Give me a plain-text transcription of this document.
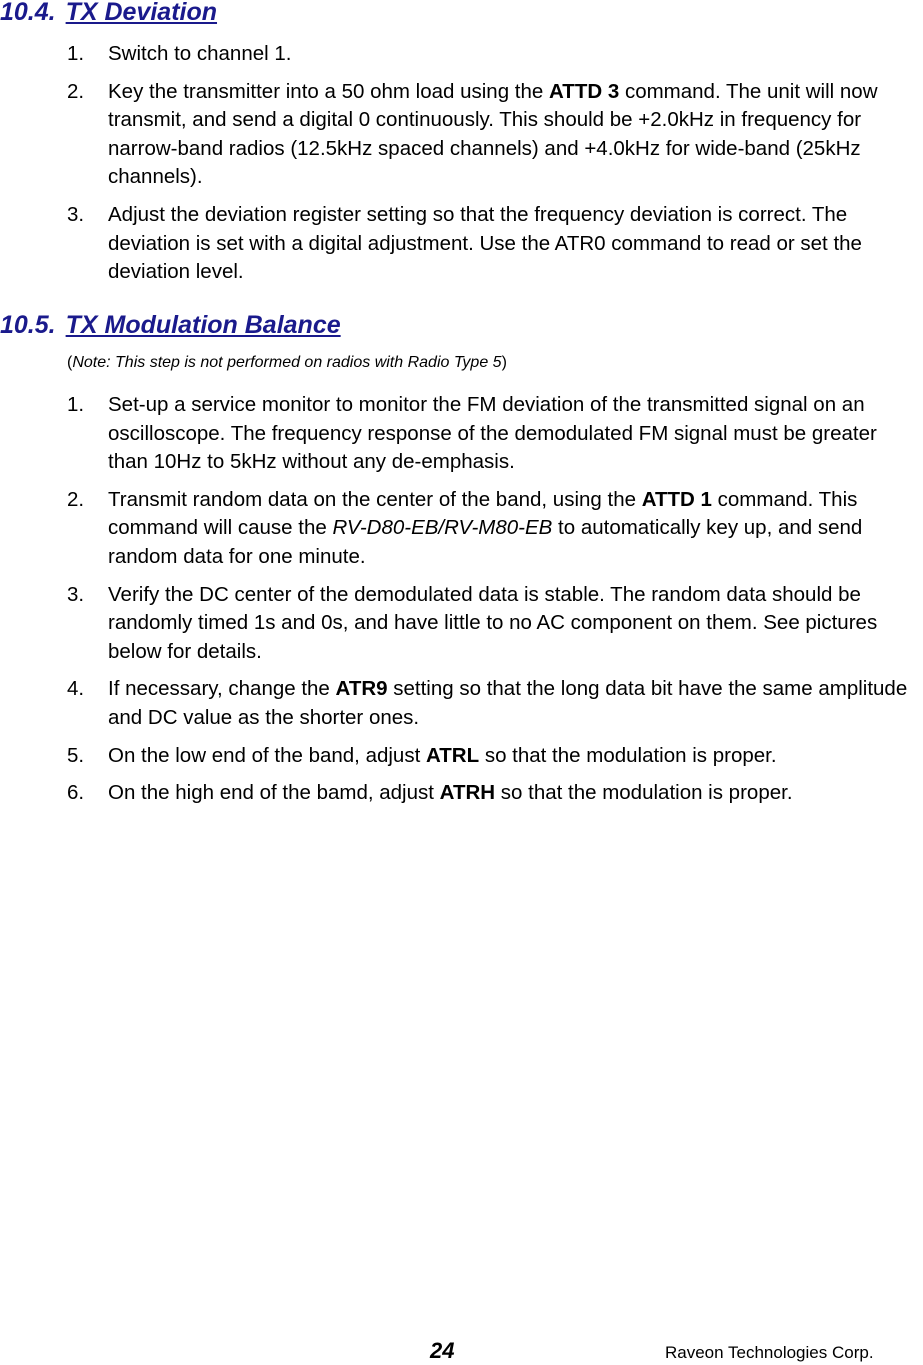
10.4. TX Deviation
1. Switch to channel 1.
2. Key the transmitter into a 50 ohm load using the ATTD 3 command. The unit will now transmit, and send a digital 0 continuously. This should be +2.0kHz in frequency for narrow-band radios (12.5kHz spaced channels) and +4.0kHz for wide-band (25kHz channels).
3. Adjust the deviation register setting so that the frequency deviation is correct. The deviation is set with a digital adjustment. Use the ATR0 command to read or set the deviation level.
10.5. TX Modulation Balance
(Note: This step is not performed on radios with Radio Type 5)
1. Set-up a service monitor to monitor the FM deviation of the transmitted signal on an oscilloscope. The frequency response of the demodulated FM signal must be greater than 10Hz to 5kHz without any de-emphasis.
2. Transmit random data on the center of the band, using the ATTD 1 command. This command will cause the RV-D80-EB/RV-M80-EB to automatically key up, and send random data for one minute.
3. Verify the DC center of the demodulated data is stable. The random data should be randomly timed 1s and 0s, and have little to no AC component on them. See pictures below for details.
4. If necessary, change the ATR9 setting so that the long data bit have the same amplitude and DC value as the shorter ones.
5. On the low end of the band, adjust ATRL so that the modulation is proper.
6. On the high end of the bamd, adjust ATRH so that the modulation is proper.
24	Raveon Technologies Corp.
